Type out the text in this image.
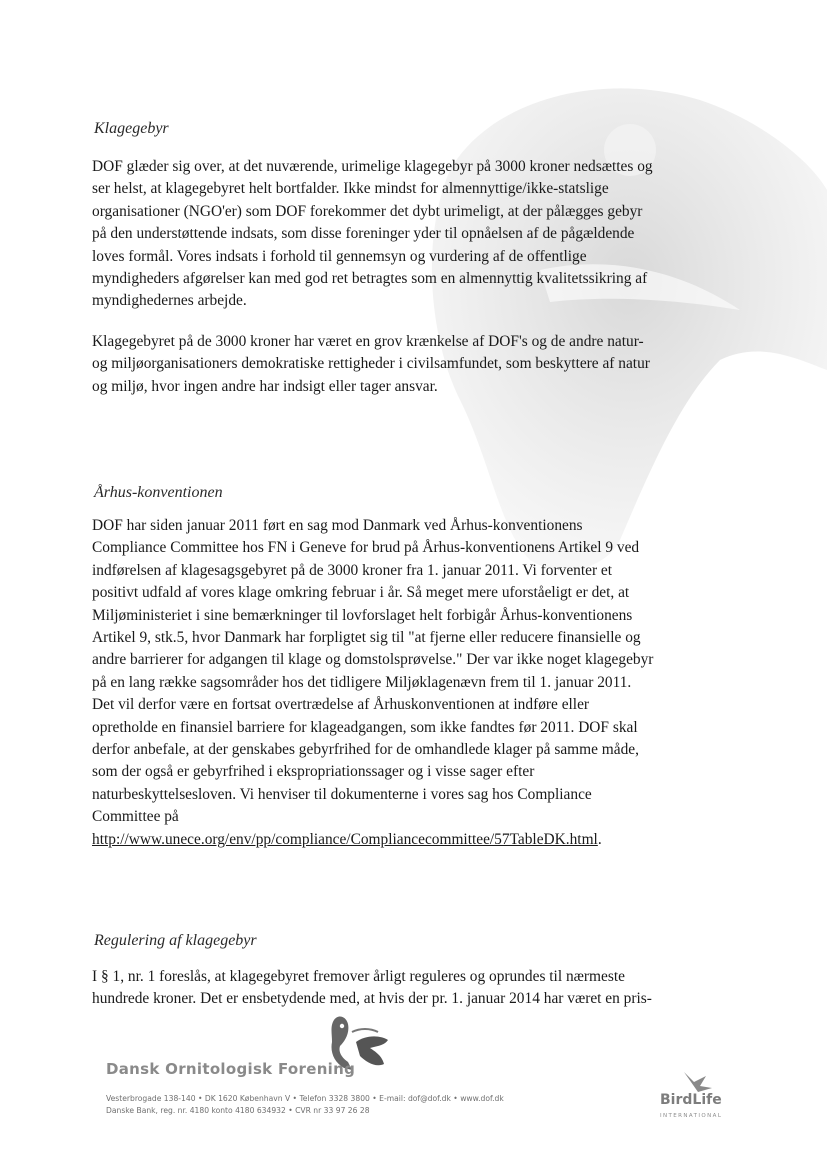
Klagegebyr

DOF glæder sig over, at det nuværende, urimelige klagegebyr på 3000 kroner nedsættes og
ser helst, at klagegebyret helt bortfalder. Ikke mindst for almennyttige/ikke-statslige
organisationer (NGO'er) som DOF forekommer det dybt urimeligt, at der pålægges gebyr
på den understøttende indsats, som disse foreninger yder til opnåelsen af de pågældende
loves formål. Vores indsats i forhold til gennemsyn og vurdering af de offentlige
myndigheders afgørelser kan med god ret betragtes som en almennyttig kvalitetssikring af
myndighedernes arbejde.

Klagegebyret på de 3000 kroner har været en grov krænkelse af DOF's og de andre natur-
og miljøorganisationers demokratiske rettigheder i civilsamfundet, som beskyttere af natur
og miljø, hvor ingen andre har indsigt eller tager ansvar.

Århus-konventionen

DOF har siden januar 2011 ført en sag mod Danmark ved Århus-konventionens
Compliance Committee hos FN i Geneve for brud på Århus-konventionens Artikel 9 ved
indførelsen af klagesagsgebyret på de 3000 kroner fra 1. januar 2011. Vi forventer et
positivt udfald af vores klage omkring februar i år. Så meget mere uforståeligt er det, at
Miljøministeriet i sine bemærkninger til lovforslaget helt forbigår Århus-konventionens
Artikel 9, stk.5, hvor Danmark har forpligtet sig til "at fjerne eller reducere finansielle og
andre barrierer for adgangen til klage og domstolsprøvelse." Der var ikke noget klagegebyr
på en lang række sagsområder hos det tidligere Miljøklagenævn frem til 1. januar 2011.
Det vil derfor være en fortsat overtrædelse af Århuskonventionen at indføre eller
opretholde en finansiel barriere for klageadgangen, som ikke fandtes før 2011. DOF skal
derfor anbefale, at der genskabes gebyrfrihed for de omhandlede klager på samme måde,
som der også er gebyrfrihed i ekspropriationssager og i visse sager efter
naturbeskyttelsesloven. Vi henviser til dokumenterne i vores sag hos Compliance
Committee på
http://www.unece.org/env/pp/compliance/Compliancecommittee/57TableDK.html.

Regulering af klagegebyr

I § 1, nr. 1 foreslås, at klagegebyret fremover årligt reguleres og oprundes til nærmeste
hundrede kroner. Det er ensbetydende med, at hvis der pr. 1. januar 2014 har været en pris-

Dansk Ornitologisk Forening
Vesterbrogade 138-140 • DK 1620 København V • Telefon 3328 3800 • E-mail: dof@dof.dk • www.dof.dk
Danske Bank, reg. nr. 4180 konto 4180 634932 • CVR nr 33 97 26 28
BirdLife
INTERNATIONAL
